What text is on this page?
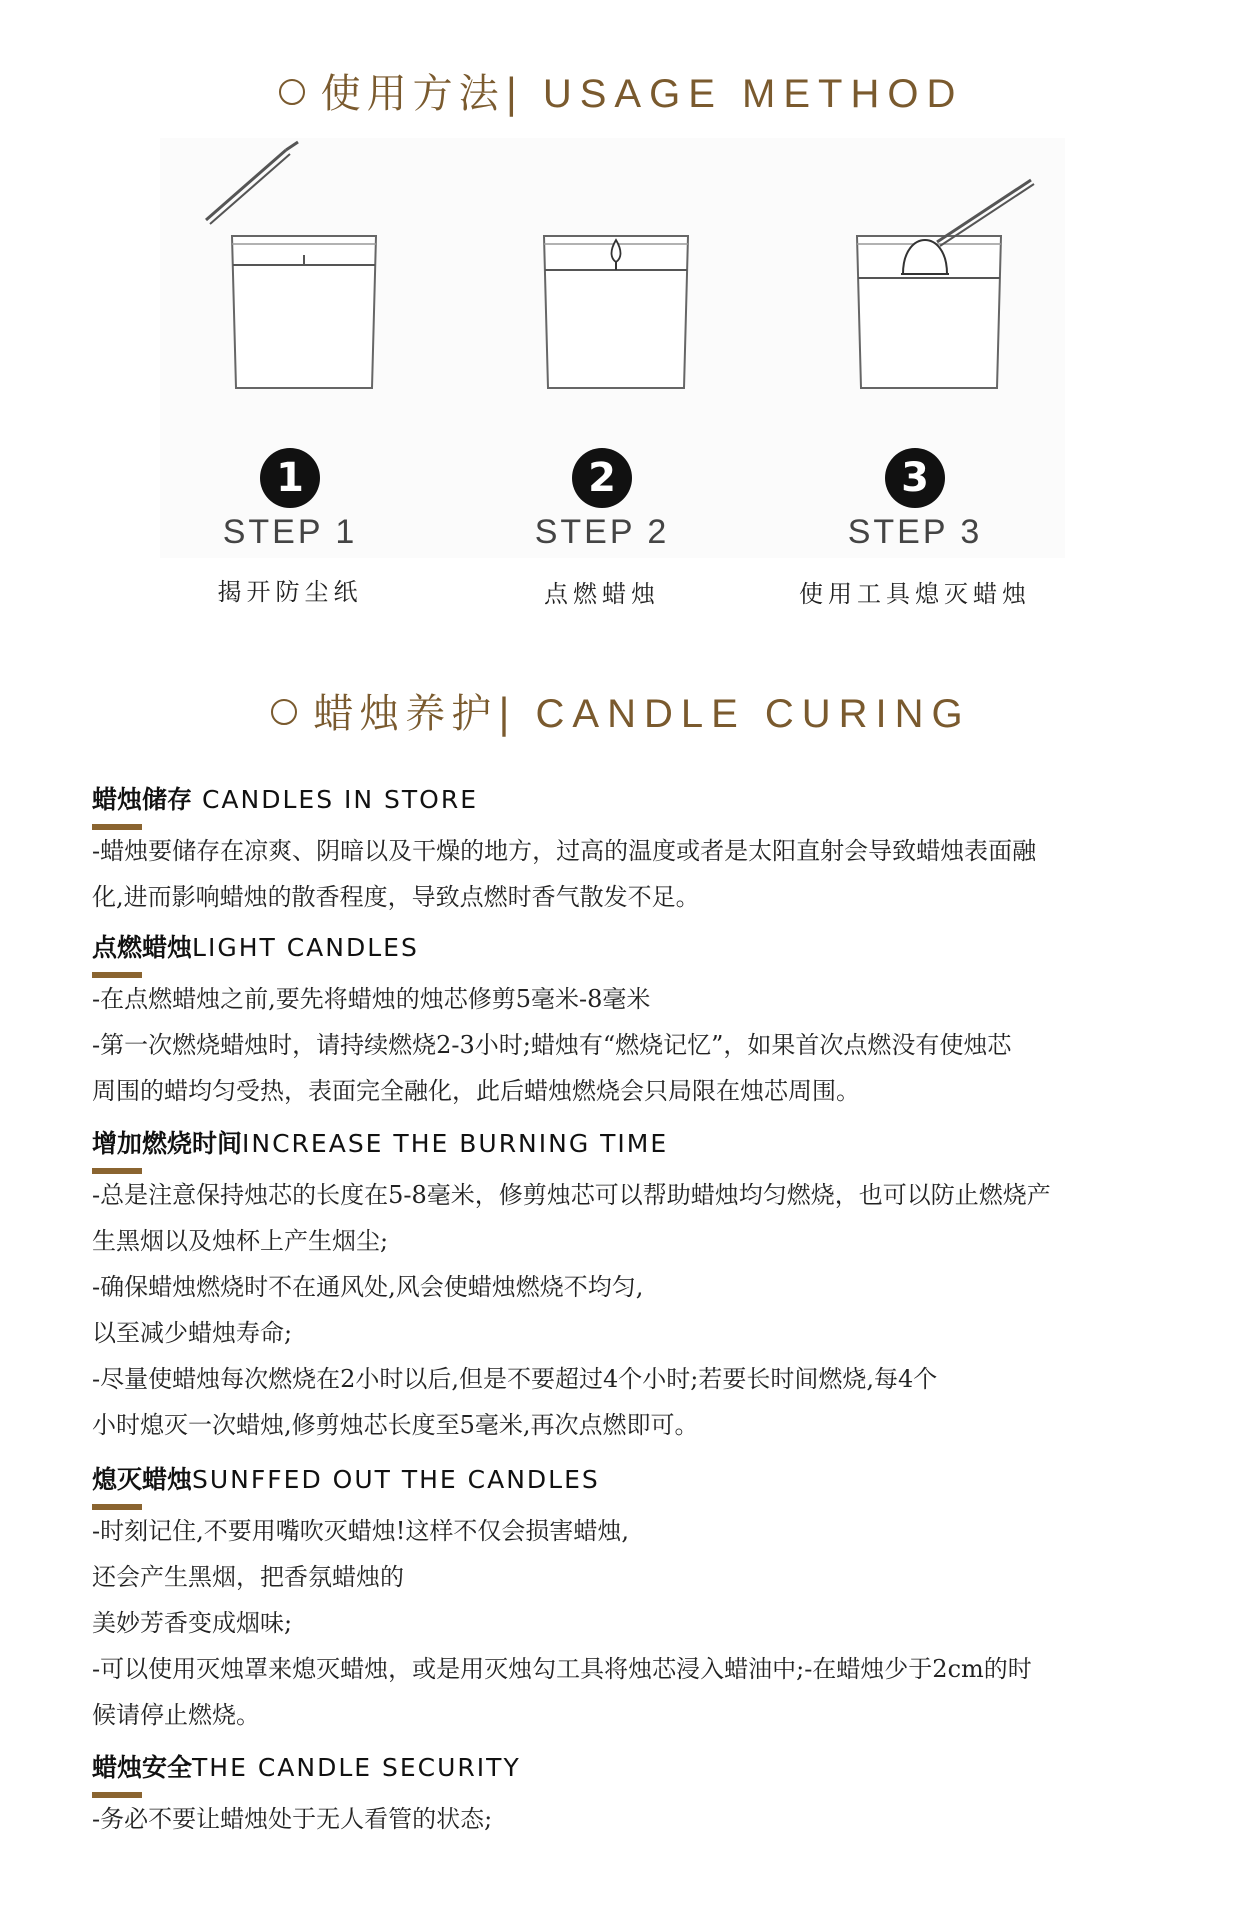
使用方法| USAGE METHOD
1	2	3
STEP 1	STEP 2	STEP 3
揭开防尘纸	点燃蜡烛	使用工具熄灭蜡烛
蜡烛养护| CANDLE CURING
蜡烛储存 CANDLES IN STORE
-蜡烛要储存在凉爽、阴暗以及干燥的地方，过高的温度或者是太阳直射会导致蜡烛表面融
化,进而影响蜡烛的散香程度，导致点燃时香气散发不足。
点燃蜡烛LIGHT CANDLES
-在点燃蜡烛之前,要先将蜡烛的烛芯修剪5毫米-8毫米
-第一次燃烧蜡烛时，请持续燃烧2-3小时;蜡烛有“燃烧记忆”，如果首次点燃没有使烛芯
周围的蜡均匀受热，表面完全融化，此后蜡烛燃烧会只局限在烛芯周围。
增加燃烧时间INCREASE THE BURNING TIME
-总是注意保持烛芯的长度在5-8毫米，修剪烛芯可以帮助蜡烛均匀燃烧，也可以防止燃烧产
生黑烟以及烛杯上产生烟尘;
-确保蜡烛燃烧时不在通风处,风会使蜡烛燃烧不均匀,
以至减少蜡烛寿命;
-尽量使蜡烛每次燃烧在2小时以后,但是不要超过4个小时;若要长时间燃烧,每4个
小时熄灭一次蜡烛,修剪烛芯长度至5毫米,再次点燃即可。
熄灭蜡烛SUNFFED OUT THE CANDLES
-时刻记住,不要用嘴吹灭蜡烛!这样不仅会损害蜡烛,
还会产生黑烟，把香氛蜡烛的
美妙芳香变成烟味;
-可以使用灭烛罩来熄灭蜡烛，或是用灭烛勾工具将烛芯浸入蜡油中;-在蜡烛少于2cm的时
候请停止燃烧。
蜡烛安全THE CANDLE SECURITY
-务必不要让蜡烛处于无人看管的状态;
